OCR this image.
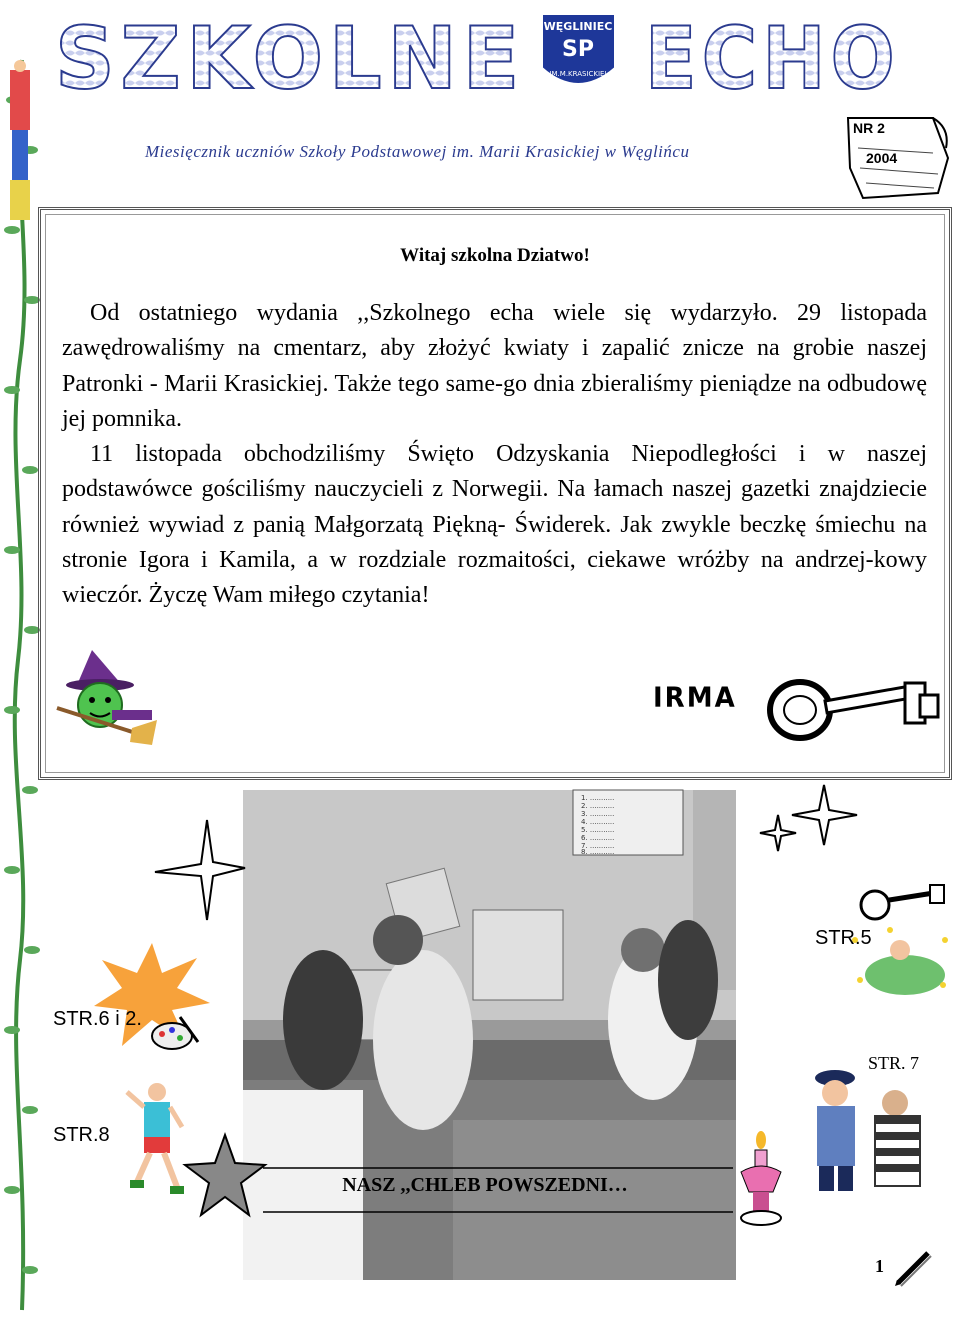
SZKOLNE ECHO
WĘGLINIEC
SP
IM.M.KRASICKIEJ
Miesięcznik uczniów Szkoły Podstawowej im. Marii Krasickiej w Węglińcu
NR 2
2004
Witaj szkolna Dziatwo!

Od ostatniego wydania ,,Szkolnego echa wiele się wydarzyło. 29 listopada zawędrowaliśmy na cmentarz, aby złożyć kwiaty i zapalić znicze na grobie naszej Patronki - Marii Krasickiej. Także tego same-go dnia zbieraliśmy pieniądze na odbudowę jej pomnika.

11 listopada obchodziliśmy Święto Odzyskania Niepodległości i w naszej podstawówce gościliśmy nauczycieli z Norwegii. Na łamach naszej gazetki znajdziecie również wywiad z panią Małgorzatą Piękną- Świderek. Jak zwykle beczkę śmiechu na stronie Igora i Kamila, a w rozdziale rozmaitości, ciekawe wróżby na andrzej-kowy wieczór. Życzę Wam miłego czytania!

IRMA
1. ...........
2. ...........
3. ...........
4. ...........
5. ...........
6. ...........
7. ...........
8. ...........
STR.5
STR.6 i 2.
STR. 7
STR.8
NASZ ,,CHLEB POWSZEDNI…
1
